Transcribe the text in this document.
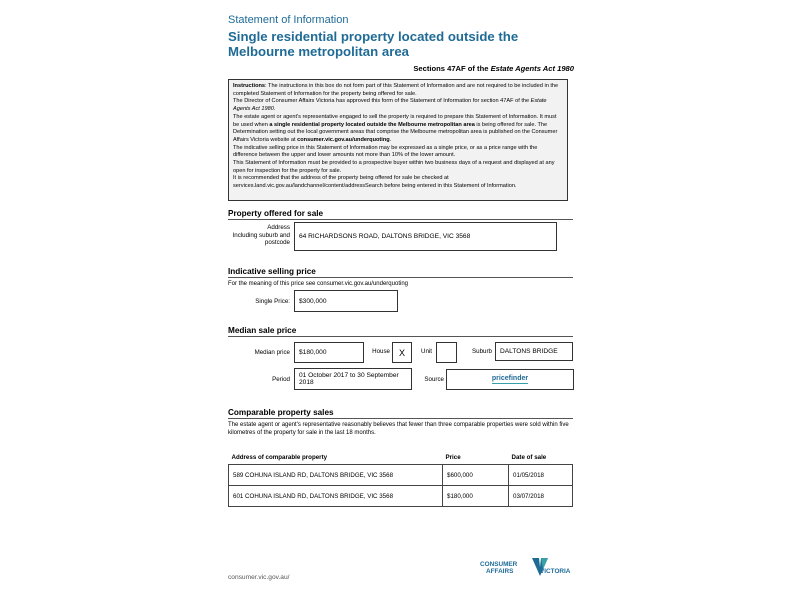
Statement of Information
Single residential property located outside the Melbourne metropolitan area
Sections 47AF of the Estate Agents Act 1980

Instructions: The instructions in this box do not form part of this Statement of Information and are not required to be included in the completed Statement of Information for the property being offered for sale.

The Director of Consumer Affairs Victoria has approved this form of the Statement of Information for section 47AF of the Estate Agents Act 1980.

The estate agent or agent's representative engaged to sell the property is required to prepare this Statement of Information. It must be used when a single residential property located outside the Melbourne metropolitan area is being offered for sale. The Determination setting out the local government areas that comprise the Melbourne metropolitan area is published on the Consumer Affairs Victoria website at consumer.vic.gov.au/underquoting.

The indicative selling price in this Statement of Information may be expressed as a single price, or as a price range with the difference between the upper and lower amounts not more than 10% of the lower amount.

This Statement of Information must be provided to a prospective buyer within two business days of a request and displayed at any open for inspection for the property for sale.

It is recommended that the address of the property being offered for sale be checked at services.land.vic.gov.au/landchannel/content/addressSearch before being entered in this Statement of Information.

Property offered for sale
Address
Including suburb and postcode
64 RICHARDSONS ROAD, DALTONS BRIDGE, VIC 3568
Indicative selling price
For the meaning of this price see consumer.vic.gov.au/underquoting
Single Price:	$300,000
Median sale price
Median price	$180,000	House X	Unit	Suburb	DALTONS BRIDGE
Period
01 October 2017 to 30 September 2018	Source	pricefinder
Comparable property sales
The estate agent or agent's representative reasonably believes that fewer than three comparable properties were sold within five kilometres of the property for sale in the last 18 months.
Address of comparable property	Price	Date of sale
589 COHUNA ISLAND RD, DALTONS BRIDGE, VIC 3568	$600,000	01/05/2018
601 COHUNA ISLAND RD, DALTONS BRIDGE, VIC 3568	$180,000	03/07/2018
consumer.vic.gov.au/
CONSUMER
AFFAIRS	VICTORIA
